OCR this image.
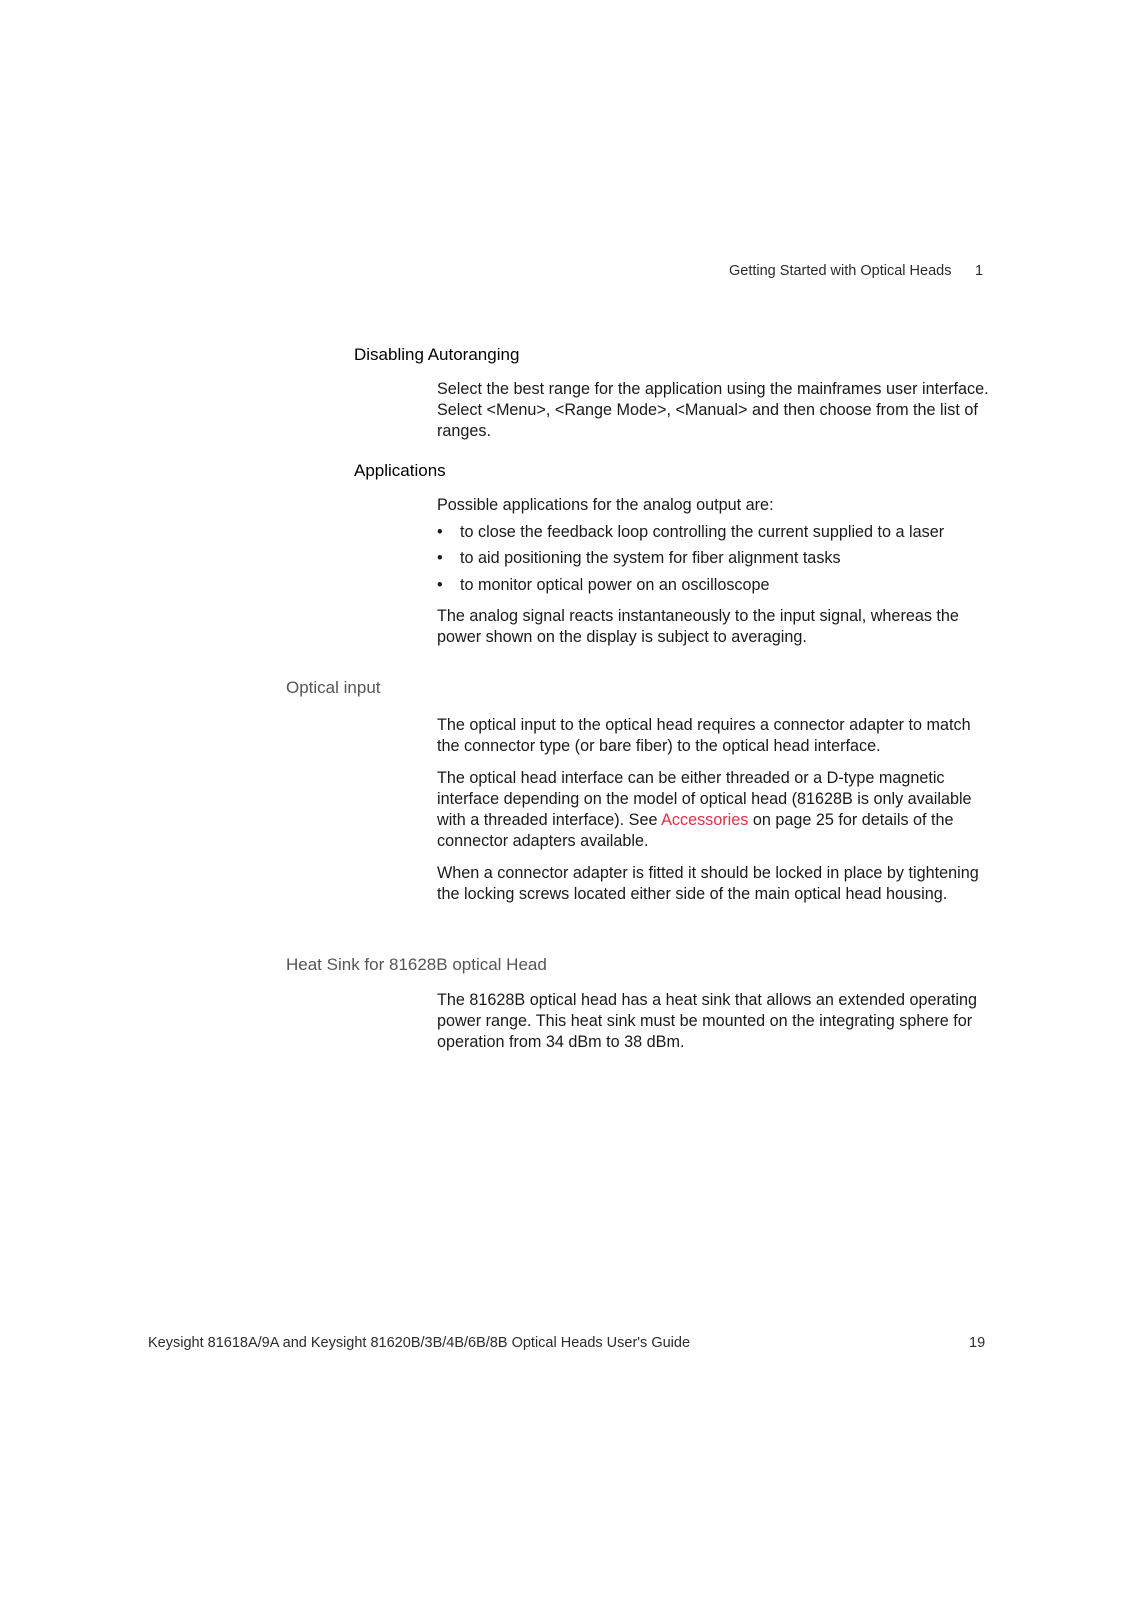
Getting Started with Optical Heads 1
Disabling Autoranging

Select the best range for the application using the mainframes user interface. Select <Menu>, <Range Mode>, <Manual> and then choose from the list of ranges.

Applications
Possible applications for the analog output are:
• to close the feedback loop controlling the current supplied to a laser
• to aid positioning the system for fiber alignment tasks
• to monitor optical power on an oscilloscope
The analog signal reacts instantaneously to the input signal, whereas the power shown on the display is subject to averaging.
Optical input
The optical input to the optical head requires a connector adapter to match the connector type (or bare fiber) to the optical head interface.
The optical head interface can be either threaded or a D-type magnetic interface depending on the model of optical head (81628B is only available with a threaded interface). See Accessories on page 25 for details of the connector adapters available.
When a connector adapter is fitted it should be locked in place by tightening the locking screws located either side of the main optical head housing.
Heat Sink for 81628B optical Head
The 81628B optical head has a heat sink that allows an extended operating power range. This heat sink must be mounted on the integrating sphere for operation from 34 dBm to 38 dBm.
Keysight 81618A/9A and Keysight 81620B/3B/4B/6B/8B Optical Heads User's Guide	19
